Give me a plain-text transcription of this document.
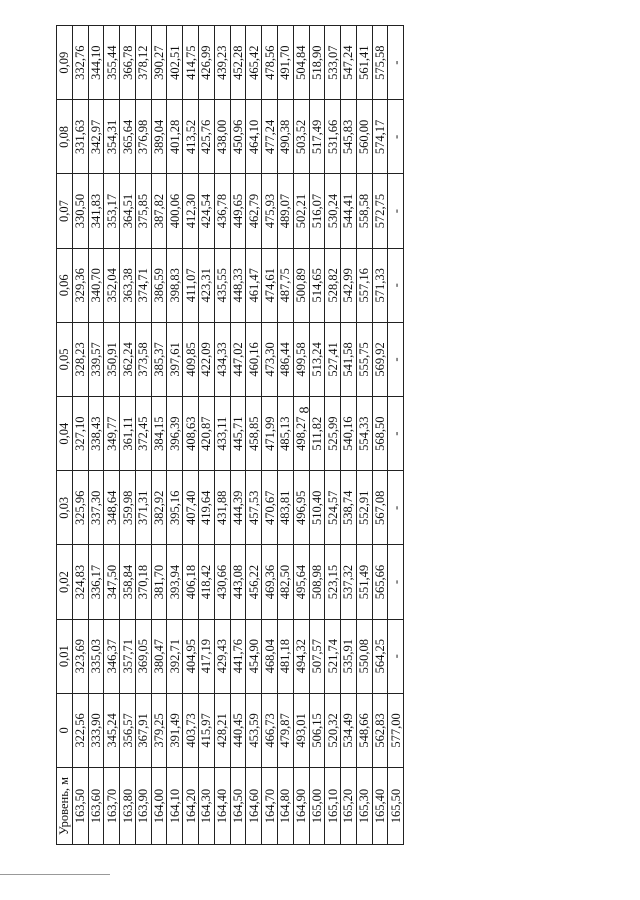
8
Уровень, м	0	0,01	0,02	0,03	0,04	0,05	0,06	0,07	0,08	0,09
163,50	322,56	323,69	324,83	325,96	327,10	328,23	329,36	330,50	331,63	332,76
163,60	333,90	335,03	336,17	337,30	338,43	339,57	340,70	341,83	342,97	344,10
163,70	345,24	346,37	347,50	348,64	349,77	350,91	352,04	353,17	354,31	355,44
163,80	356,57	357,71	358,84	359,98	361,11	362,24	363,38	364,51	365,64	366,78
163,90	367,91	369,05	370,18	371,31	372,45	373,58	374,71	375,85	376,98	378,12
164,00	379,25	380,47	381,70	382,92	384,15	385,37	386,59	387,82	389,04	390,27
164,10	391,49	392,71	393,94	395,16	396,39	397,61	398,83	400,06	401,28	402,51
164,20	403,73	404,95	406,18	407,40	408,63	409,85	411,07	412,30	413,52	414,75
164,30	415,97	417,19	418,42	419,64	420,87	422,09	423,31	424,54	425,76	426,99
164,40	428,21	429,43	430,66	431,88	433,11	434,33	435,55	436,78	438,00	439,23
164,50	440,45	441,76	443,08	444,39	445,71	447,02	448,33	449,65	450,96	452,28
164,60	453,59	454,90	456,22	457,53	458,85	460,16	461,47	462,79	464,10	465,42
164,70	466,73	468,04	469,36	470,67	471,99	473,30	474,61	475,93	477,24	478,56
164,80	479,87	481,18	482,50	483,81	485,13	486,44	487,75	489,07	490,38	491,70
164,90	493,01	494,32	495,64	496,95	498,27	499,58	500,89	502,21	503,52	504,84
165,00	506,15	507,57	508,98	510,40	511,82	513,24	514,65	516,07	517,49	518,90
165,10	520,32	521,74	523,15	524,57	525,99	527,41	528,82	530,24	531,66	533,07
165,20	534,49	535,91	537,32	538,74	540,16	541,58	542,99	544,41	545,83	547,24
165,30	548,66	550,08	551,49	552,91	554,33	555,75	557,16	558,58	560,00	561,41
165,40	562,83	564,25	565,66	567,08	568,50	569,92	571,33	572,75	574,17	575,58
165,50	577,00	-	-	-	-	-	-	-	-	-
